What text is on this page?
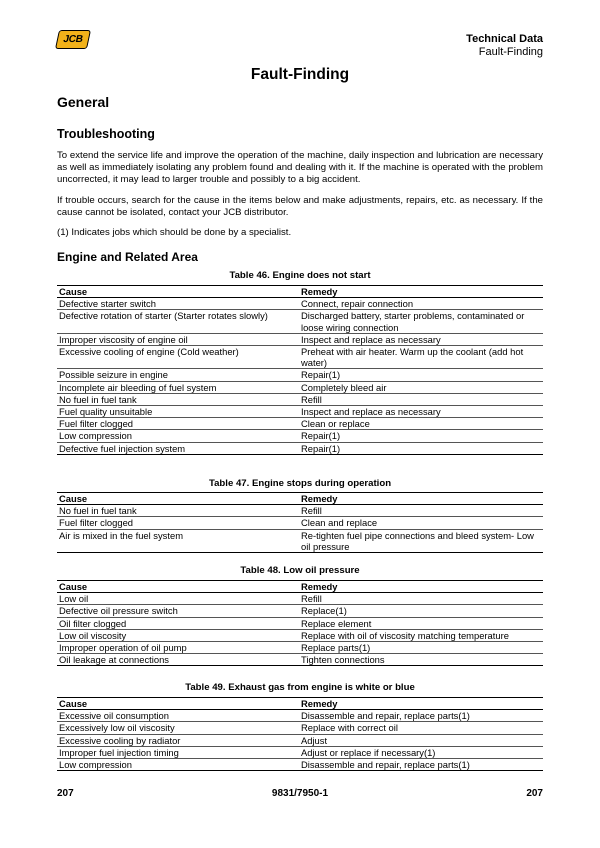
JCB	Technical Data
Fault-Finding
Fault-Finding
General
Troubleshooting
To extend the service life and improve the operation of the machine, daily inspection and lubrication are necessary as well as immediately isolating any problem found and dealing with it. If the machine is operated with the problem uncorrected, it may lead to larger trouble and possibly to a big accident.
If trouble occurs, search for the cause in the items below and make adjustments, repairs, etc. as necessary. If the cause cannot be isolated, contact your JCB distributor.
(1) Indicates jobs which should be done by a specialist.
Engine and Related Area
Table 46. Engine does not start
Cause	Remedy
Defective starter switch	Connect, repair connection
Defective rotation of starter (Starter rotates slowly)	Discharged battery, starter problems, contaminated or loose wiring connection
Improper viscosity of engine oil	Inspect and replace as necessary
Excessive cooling of engine (Cold weather)	Preheat with air heater. Warm up the coolant (add hot water)
Possible seizure in engine	Repair(1)
Incomplete air bleeding of fuel system	Completely bleed air
No fuel in fuel tank	Refill
Fuel quality unsuitable	Inspect and replace as necessary
Fuel filter clogged	Clean or replace
Low compression	Repair(1)
Defective fuel injection system	Repair(1)
Table 47. Engine stops during operation
Cause	Remedy
No fuel in fuel tank	Refill
Fuel filter clogged	Clean and replace
Air is mixed in the fuel system	Re-tighten fuel pipe connections and bleed system- Low oil pressure
Table 48. Low oil pressure
Cause	Remedy
Low oil	Refill
Defective oil pressure switch	Replace(1)
Oil filter clogged	Replace element
Low oil viscosity	Replace with oil of viscosity matching temperature
Improper operation of oil pump	Replace parts(1)
Oil leakage at connections	Tighten connections
Table 49. Exhaust gas from engine is white or blue
Cause	Remedy
Excessive oil consumption	Disassemble and repair, replace parts(1)
Excessively low oil viscosity	Replace with correct oil
Excessive cooling by radiator	Adjust
Improper fuel injection timing	Adjust or replace if necessary(1)
Low compression	Disassemble and repair, replace parts(1)
207	9831/7950-1	207
